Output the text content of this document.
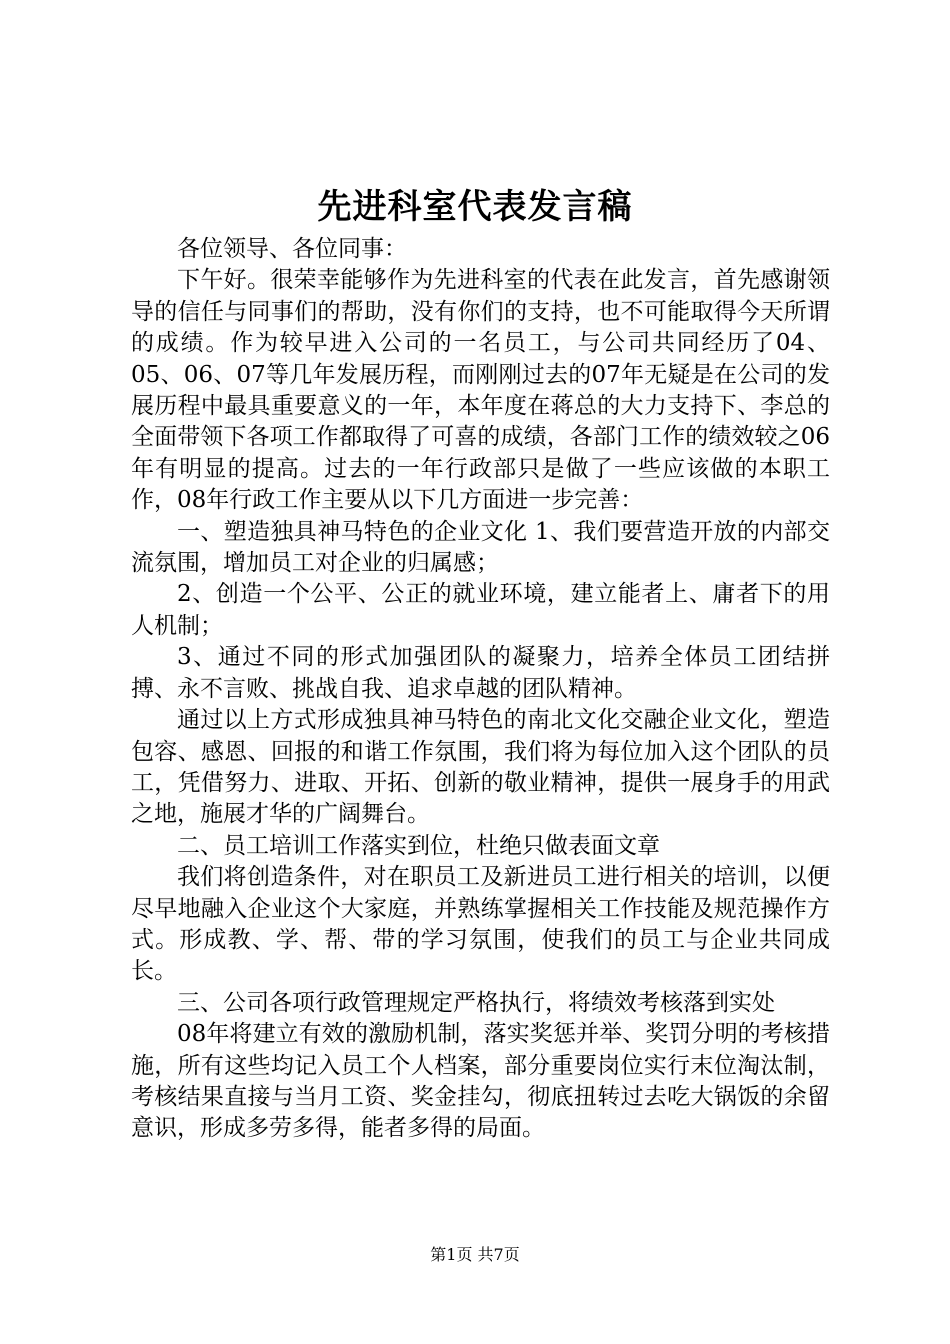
先进科室代表发言稿

各位领导、各位同事：

下午好。很荣幸能够作为先进科室的代表在此发言，首先感谢领导的信任与同事们的帮助，没有你们的支持，也不可能取得今天所谓的成绩。作为较早进入公司的一名员工，与公司共同经历了04、05、06、07等几年发展历程，而刚刚过去的07年无疑是在公司的发展历程中最具重要意义的一年，本年度在蒋总的大力支持下、李总的全面带领下各项工作都取得了可喜的成绩，各部门工作的绩效较之06年有明显的提高。过去的一年行政部只是做了一些应该做的本职工作，08年行政工作主要从以下几方面进一步完善：

一、塑造独具神马特色的企业文化 1、我们要营造开放的内部交流氛围，增加员工对企业的归属感；

2、创造一个公平、公正的就业环境，建立能者上、庸者下的用人机制；

3、通过不同的形式加强团队的凝聚力，培养全体员工团结拼搏、永不言败、挑战自我、追求卓越的团队精神。

通过以上方式形成独具神马特色的南北文化交融企业文化，塑造包容、感恩、回报的和谐工作氛围，我们将为每位加入这个团队的员工，凭借努力、进取、开拓、创新的敬业精神，提供一展身手的用武之地，施展才华的广阔舞台。

二、员工培训工作落实到位，杜绝只做表面文章

我们将创造条件，对在职员工及新进员工进行相关的培训，以便尽早地融入企业这个大家庭，并熟练掌握相关工作技能及规范操作方式。形成教、学、帮、带的学习氛围，使我们的员工与企业共同成长。

三、公司各项行政管理规定严格执行，将绩效考核落到实处

08年将建立有效的激励机制，落实奖惩并举、奖罚分明的考核措施，所有这些均记入员工个人档案，部分重要岗位实行末位淘汰制，考核结果直接与当月工资、奖金挂勾，彻底扭转过去吃大锅饭的余留意识，形成多劳多得，能者多得的局面。

第1页 共7页
